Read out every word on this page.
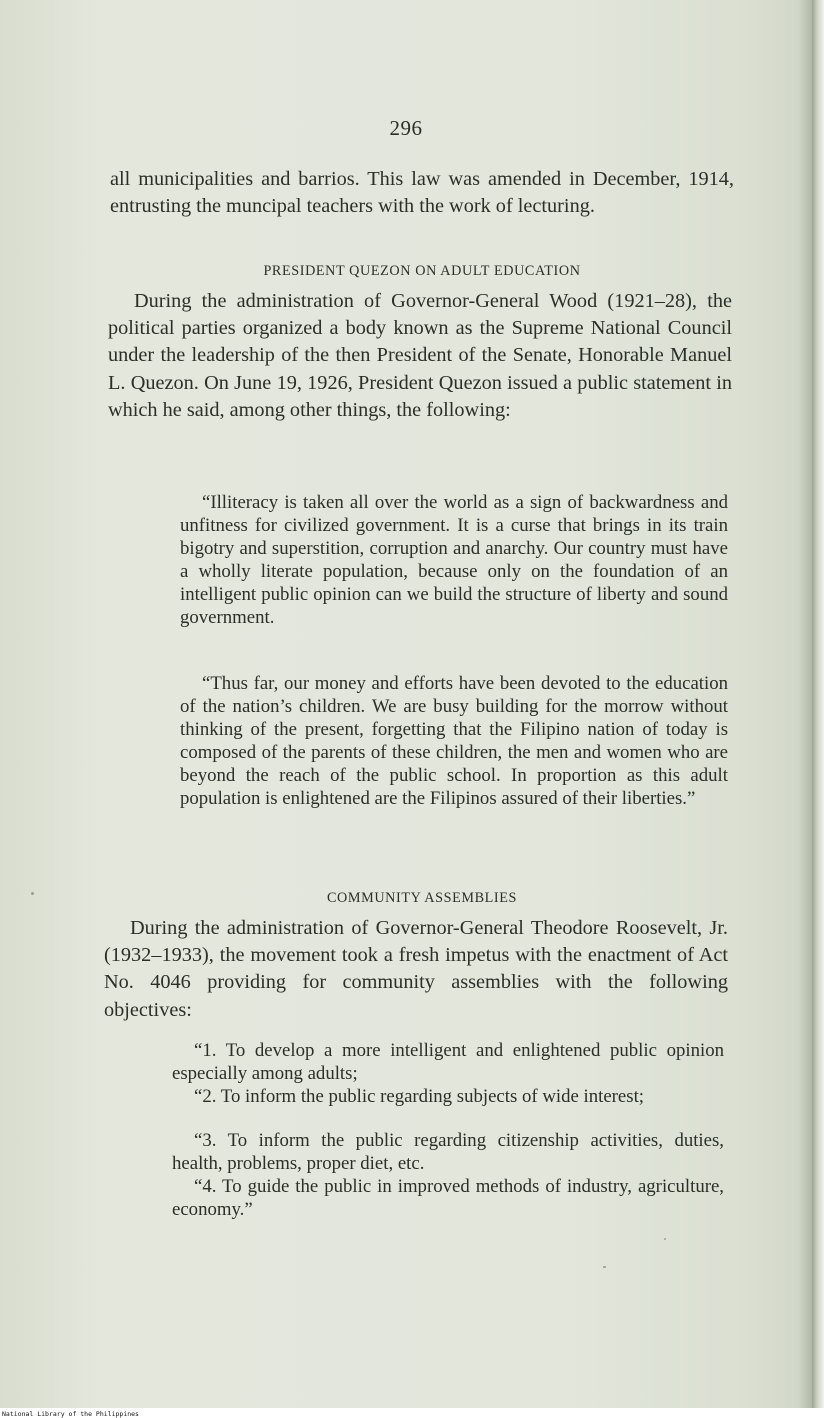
296

all municipalities and barrios. This law was amended in December, 1914, entrusting the muncipal teachers with the work of lecturing.

PRESIDENT QUEZON ON ADULT EDUCATION

During the administration of Governor-General Wood (1921–28), the political parties organized a body known as the Supreme National Council under the leadership of the then President of the Senate, Honorable Manuel L. Quezon. On June 19, 1926, President Quezon issued a public statement in which he said, among other things, the following:

“Illiteracy is taken all over the world as a sign of backwardness and unfitness for civilized government. It is a curse that brings in its train bigotry and superstition, corruption and anarchy. Our country must have a wholly literate population, because only on the foundation of an intelligent public opinion can we build the structure of liberty and sound government.

“Thus far, our money and efforts have been devoted to the education of the nation’s children. We are busy building for the morrow without thinking of the present, forgetting that the Filipino nation of today is composed of the parents of these children, the men and women who are beyond the reach of the public school. In proportion as this adult population is enlightened are the Filipinos assured of their liberties.”

COMMUNITY ASSEMBLIES

During the administration of Governor-General Theodore Roosevelt, Jr. (1932–1933), the movement took a fresh impetus with the enactment of Act No. 4046 providing for community assemblies with the following objectives:

“1. To develop a more intelligent and enlightened public opinion especially among adults;

“2. To inform the public regarding subjects of wide interest;

“3. To inform the public regarding citizenship activities, duties, health, problems, proper diet, etc.

“4. To guide the public in improved methods of industry, agriculture, economy.”

National Library of the Philippines
